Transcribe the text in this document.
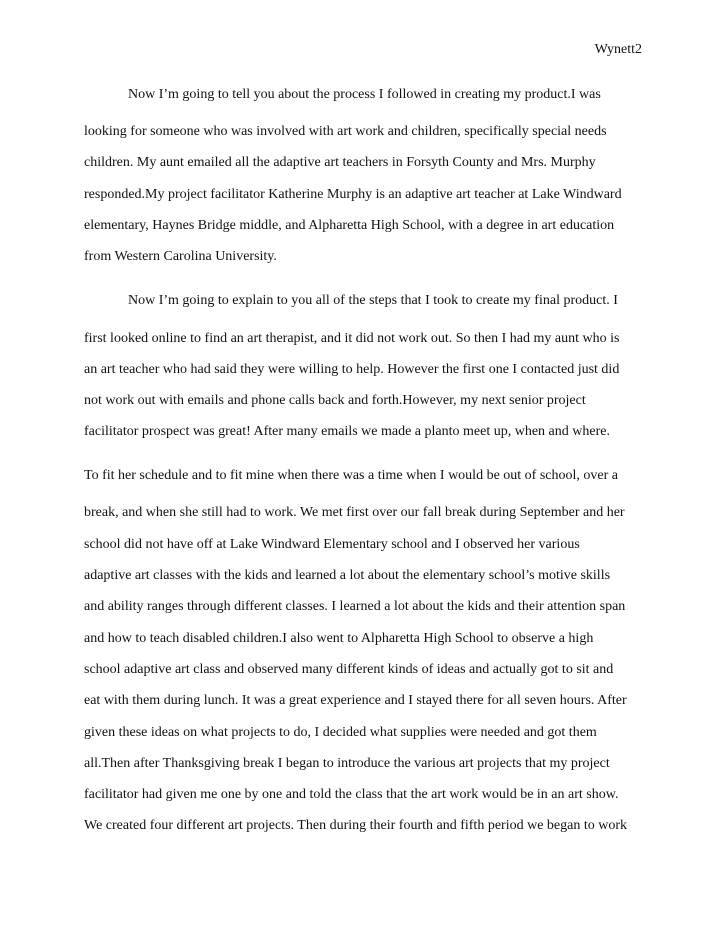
Wynett2
Now I’m going to tell you about the process I followed in creating my product.I was
looking for someone who was involved with art work and children, specifically special needs
children. My aunt emailed all the adaptive art teachers in Forsyth County and Mrs. Murphy
responded.My project facilitator Katherine Murphy is an adaptive art teacher at Lake Windward
elementary, Haynes Bridge middle, and Alpharetta High School, with a degree in art education
from Western Carolina University.
Now I’m going to explain to you all of the steps that I took to create my final product. I
first looked online to find an art therapist, and it did not work out. So then I had my aunt who is
an art teacher who had said they were willing to help. However the first one I contacted just did
not work out with emails and phone calls back and forth.However, my next senior project
facilitator prospect was great! After many emails we made a planto meet up, when and where.
To fit her schedule and to fit mine when there was a time when I would be out of school, over a
break, and when she still had to work. We met first over our fall break during September and her
school did not have off at Lake Windward Elementary school and I observed her various
adaptive art classes with the kids and learned a lot about the elementary school’s motive skills
and ability ranges through different classes. I learned a lot about the kids and their attention span
and how to teach disabled children.I also went to Alpharetta High School to observe a high
school adaptive art class and observed many different kinds of ideas and actually got to sit and
eat with them during lunch. It was a great experience and I stayed there for all seven hours. After
given these ideas on what projects to do, I decided what supplies were needed and got them
all.Then after Thanksgiving break I began to introduce the various art projects that my project
facilitator had given me one by one and told the class that the art work would be in an art show.
We created four different art projects. Then during their fourth and fifth period we began to work
